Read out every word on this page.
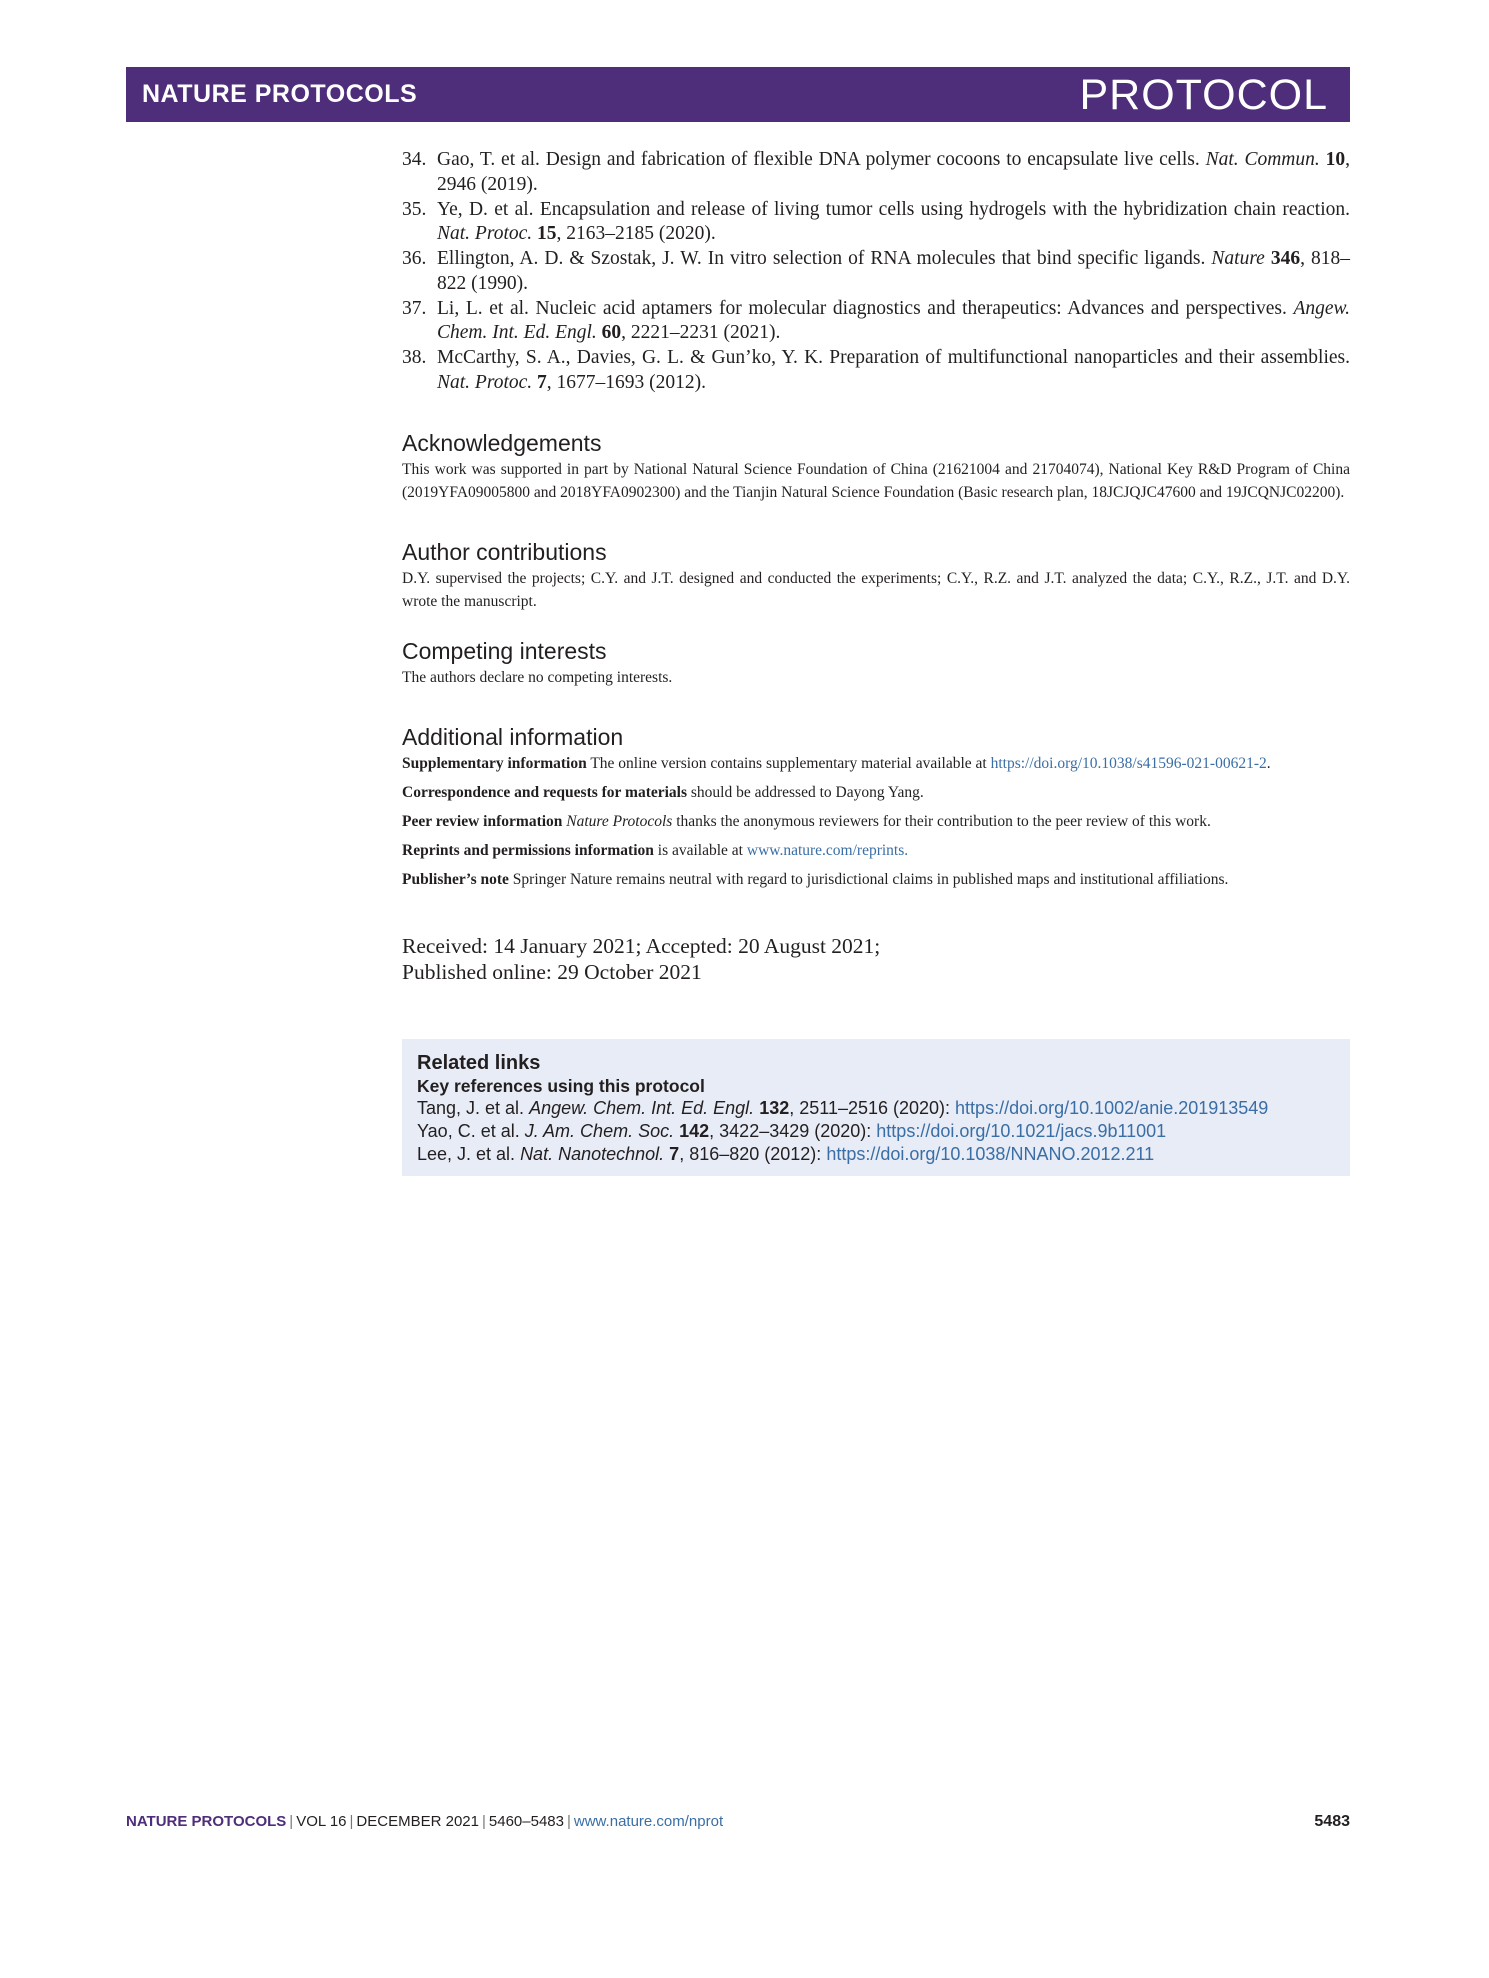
NATURE PROTOCOLS	PROTOCOL
34. Gao, T. et al. Design and fabrication of flexible DNA polymer cocoons to encapsulate live cells. Nat. Commun. 10, 2946 (2019).
35. Ye, D. et al. Encapsulation and release of living tumor cells using hydrogels with the hybridization chain reaction. Nat. Protoc. 15, 2163–2185 (2020).
36. Ellington, A. D. & Szostak, J. W. In vitro selection of RNA molecules that bind specific ligands. Nature 346, 818–822 (1990).
37. Li, L. et al. Nucleic acid aptamers for molecular diagnostics and therapeutics: Advances and perspectives. Angew. Chem. Int. Ed. Engl. 60, 2221–2231 (2021).
38. McCarthy, S. A., Davies, G. L. & Gun’ko, Y. K. Preparation of multifunctional nanoparticles and their assemblies. Nat. Protoc. 7, 1677–1693 (2012).
Acknowledgements

This work was supported in part by National Natural Science Foundation of China (21621004 and 21704074), National Key R&D Program of China (2019YFA09005800 and 2018YFA0902300) and the Tianjin Natural Science Foundation (Basic research plan, 18JCJQJC47600 and 19JCQNJC02200).

Author contributions

D.Y. supervised the projects; C.Y. and J.T. designed and conducted the experiments; C.Y., R.Z. and J.T. analyzed the data; C.Y., R.Z., J.T. and D.Y. wrote the manuscript.

Competing interests

The authors declare no competing interests.

Additional information

Supplementary information The online version contains supplementary material available at https://doi.org/10.1038/s41596-021-00621-2.

Correspondence and requests for materials should be addressed to Dayong Yang.

Peer review information Nature Protocols thanks the anonymous reviewers for their contribution to the peer review of this work.

Reprints and permissions information is available at www.nature.com/reprints.

Publisher’s note Springer Nature remains neutral with regard to jurisdictional claims in published maps and institutional affiliations.

Received: 14 January 2021; Accepted: 20 August 2021;
Published online: 29 October 2021
Related links
Key references using this protocol
Tang, J. et al. Angew. Chem. Int. Ed. Engl. 132, 2511–2516 (2020): https://doi.org/10.1002/anie.201913549
Yao, C. et al. J. Am. Chem. Soc. 142, 3422–3429 (2020): https://doi.org/10.1021/jacs.9b11001
Lee, J. et al. Nat. Nanotechnol. 7, 816–820 (2012): https://doi.org/10.1038/NNANO.2012.211
NATURE PROTOCOLS | VOL 16 | DECEMBER 2021 | 5460–5483 | www.nature.com/nprot	5483
